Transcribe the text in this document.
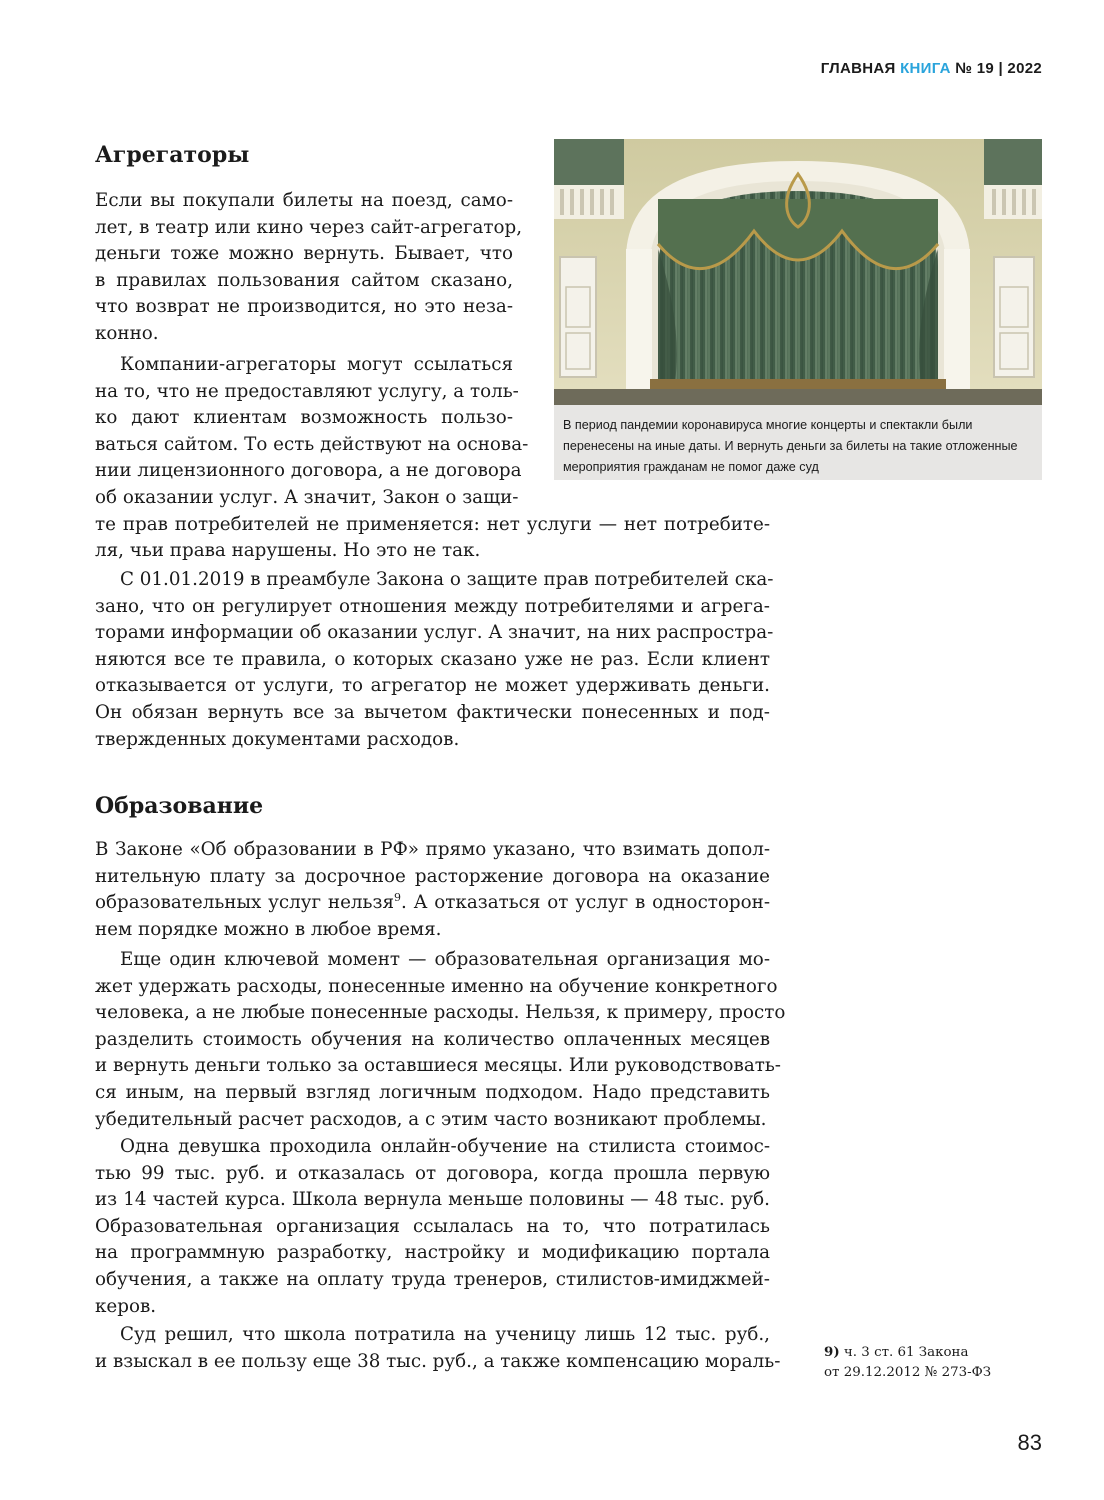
ГЛАВНАЯ КНИГА № 19 | 2022
В период пандемии коронавируса многие концерты и спектакли были
перенесены на иные даты. И вернуть деньги за билеты на такие отложенные
мероприятия гражданам не помог даже суд
Агрегаторы
Если вы покупали билеты на поезд, само-
лет, в театр или кино через сайт-агрегатор,
деньги тоже можно вернуть. Бывает, что
в правилах пользования сайтом сказано,
что возврат не производится, но это неза-
конно.
Компании-агрегаторы могут ссылаться
на то, что не предоставляют услугу, а толь-
ко дают клиентам возможность пользо-
ваться сайтом. То есть действуют на основа-
нии лицензионного договора, а не договора
об оказании услуг. А значит, Закон о защи-
те прав потребителей не применяется: нет услуги — нет потребите-
ля, чьи права нарушены. Но это не так.
С 01.01.2019 в преамбуле Закона о защите прав потребителей ска-
зано, что он регулирует отношения между потребителями и агрега-
торами информации об оказании услуг. А значит, на них распростра-
няются все те правила, о которых сказано уже не раз. Если клиент
отказывается от услуги, то агрегатор не может удерживать деньги.
Он обязан вернуть все за вычетом фактически понесенных и под-
твержденных документами расходов.
Образование
В Законе «Об образовании в РФ» прямо указано, что взимать допол-
нительную плату за досрочное расторжение договора на оказание
образовательных услуг нельзя$^9$. А отказаться от услуг в односторон-
нем порядке можно в любое время.
Еще один ключевой момент — образовательная организация мо-
жет удержать расходы, понесенные именно на обучение конкретного
человека, а не любые понесенные расходы. Нельзя, к примеру, просто
разделить стоимость обучения на количество оплаченных месяцев
и вернуть деньги только за оставшиеся месяцы. Или руководствовать-
ся иным, на первый взгляд логичным подходом. Надо представить
убедительный расчет расходов, а с этим часто возникают проблемы.
Одна девушка проходила онлайн-обучение на стилиста стоимос-
тью 99 тыс. руб. и отказалась от договора, когда прошла первую
из 14 частей курса. Школа вернула меньше половины — 48 тыс. руб.
Образовательная организация ссылалась на то, что потратилась
на программную разработку, настройку и модификацию портала
обучения, а также на оплату труда тренеров, стилистов-имиджмей-
керов.
Суд решил, что школа потратила на ученицу лишь 12 тыс. руб.,
и взыскал в ее пользу еще 38 тыс. руб., а также компенсацию мораль-	9) ч. 3 ст. 61 Закона
от 29.12.2012 № 273-ФЗ
83
